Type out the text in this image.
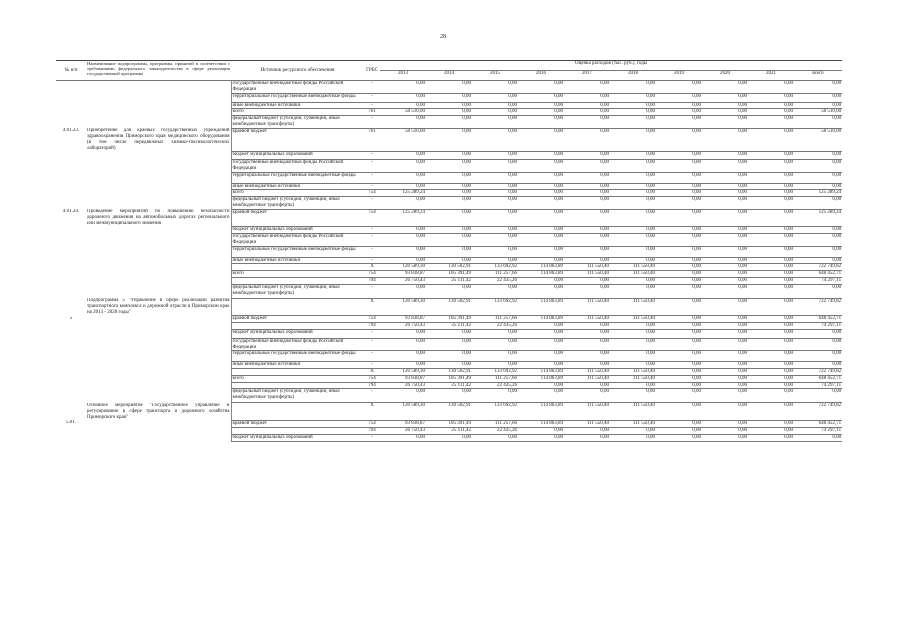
28
№ п/п	Наименование подпрограммы, программы, принятой в соответствии с требованиями федерального законодательства в сфере реализации государственной программы	Источник ресурсного обеспечения	ГРБС	Оценка расходов (тыс. руб.), годы									
				2013	2014	2015	2016	2017	2018	2019	2020	2021	всего
		государственные внебюджетные фонды Российской Федерации	-	0,00	0,00	0,00	0,00	0,00	0,00	0,00	0,00	0,00	0,00
		территориальные государственные внебюджетные фонды	-	0,00	0,00	0,00	0,00	0,00	0,00	0,00	0,00	0,00	0,00
		иные внебюджетные источники	-	0,00	0,00	0,00	0,00	0,00	0,00	0,00	0,00	0,00	0,00
		всего	761	58 510,00	0,00	0,00	0,00	0,00	0,00	0,00	0,00	0,00	58 510,00
		федеральный бюджет (субсидии, субвенции, иные межбюджетные трансферты)	-	0,00	0,00	0,00	0,00	0,00	0,00	0,00	0,00	0,00	0,00
4.01.23.	Приобретение для краевых государственных учреждений здравоохранения Приморского края медицинского оборудования (в том числе передвижных химико-токсикологических лабораторий)	краевой бюджет	761	58 510,00	0,00	0,00	0,00	0,00	0,00	0,00	0,00	0,00	58 510,00
		бюджет муниципальных образований	-	0,00	0,00	0,00	0,00	0,00	0,00	0,00	0,00	0,00	0,00
		государственные внебюджетные фонды Российской Федерации	-	0,00	0,00	0,00	0,00	0,00	0,00	0,00	0,00	0,00	0,00
		территориальные государственные внебюджетные фонды	-	0,00	0,00	0,00	0,00	0,00	0,00	0,00	0,00	0,00	0,00
		иные внебюджетные источники	-	0,00	0,00	0,00	0,00	0,00	0,00	0,00	0,00	0,00	0,00
		всего	754	125 289,24	0,00	0,00	0,00	0,00	0,00	0,00	0,00	0,00	125 289,24
		федеральный бюджет (субсидии, субвенции, иные межбюджетные трансферты)	-	0,00	0,00	0,00	0,00	0,00	0,00	0,00	0,00	0,00	0,00
4.01.24.	Проведение мероприятий по повышению безопасности дорожного движения на автомобильных дорогах регионального или межмуниципального значения	краевой бюджет	754	125 289,24	0,00	0,00	0,00	0,00	0,00	0,00	0,00	0,00	125 289,24
		бюджет муниципальных образований	-	0,00	0,00	0,00	0,00	0,00	0,00	0,00	0,00	0,00	0,00
		государственные внебюджетные фонды Российской Федерации	-	0,00	0,00	0,00	0,00	0,00	0,00	0,00	0,00	0,00	0,00
		территориальные государственные внебюджетные фонды	-	0,00	0,00	0,00	0,00	0,00	0,00	0,00	0,00	0,00	0,00
		иные внебюджетные источники	-	0,00	0,00	0,00	0,00	0,00	0,00	0,00	0,00	0,00	0,00
			X	120 589,30	130 502,91	133 692,92	114 863,89	111 550,40	111 550,40	0,00	0,00	0,00	722 749,82
		всего	754	93 838,87	105 391,49	111 257,66	114 863,89	111 550,40	111 550,40	0,00	0,00	0,00	648 452,71
			794	26 750,43	25 111,42	22 435,26	0,00	0,00	0,00	0,00	0,00	0,00	74 297,11
		федеральный бюджет (субсидии, субвенции, иные межбюджетные трансферты)	-	0,00	0,00	0,00	0,00	0,00	0,00	0,00	0,00	0,00	0,00
	Подпрограмма 5 "Управление в сфере реализации развития транспортного комплекса и дорожной отрасли в Приморском крае на 2013 - 2020 годы"		X	120 589,30	130 502,91	133 692,92	114 863,89	111 550,40	111 550,40	0,00	0,00	0,00	722 749,82
5		краевой бюджет	754	93 838,87	105 391,49	111 257,66	114 863,89	111 550,40	111 550,40	0,00	0,00	0,00	648 452,71
			794	26 750,43	25 111,42	22 435,26	0,00	0,00	0,00	0,00	0,00	0,00	74 297,11
		бюджет муниципальных образований	-	0,00	0,00	0,00	0,00	0,00	0,00	0,00	0,00	0,00	0,00
		государственные внебюджетные фонды Российской Федерации	-	0,00	0,00	0,00	0,00	0,00	0,00	0,00	0,00	0,00	0,00
		территориальные государственные внебюджетные фонды	-	0,00	0,00	0,00	0,00	0,00	0,00	0,00	0,00	0,00	0,00
		иные внебюджетные источники	-	0,00	0,00	0,00	0,00	0,00	0,00	0,00	0,00	0,00	0,00
			X	120 589,30	130 502,91	133 692,92	114 863,89	111 550,40	111 550,40	0,00	0,00	0,00	722 749,82
		всего	754	93 838,87	105 391,49	111 257,66	114 863,89	111 550,40	111 550,40	0,00	0,00	0,00	648 452,71
			794	26 750,43	25 111,42	22 435,26	0,00	0,00	0,00	0,00	0,00	0,00	74 297,11
		федеральный бюджет (субсидии, субвенции, иные межбюджетные трансферты)	-	0,00	0,00	0,00	0,00	0,00	0,00	0,00	0,00	0,00	0,00
	Основное мероприятие "Государственное управление и регулирование в сфере транспорта и дорожного хозяйства Приморского края"		X	120 589,30	130 502,91	133 692,92	114 863,89	111 550,40	111 550,40	0,00	0,00	0,00	722 749,82
5.01.		краевой бюджет	754	93 838,87	105 391,49	111 257,66	114 863,89	111 550,40	111 550,40	0,00	0,00	0,00	648 452,71
			794	26 750,43	25 111,42	22 435,26	0,00	0,00	0,00	0,00	0,00	0,00	74 297,11
		бюджет муниципальных образований	-	0,00	0,00	0,00	0,00	0,00	0,00	0,00	0,00	0,00	0,00
